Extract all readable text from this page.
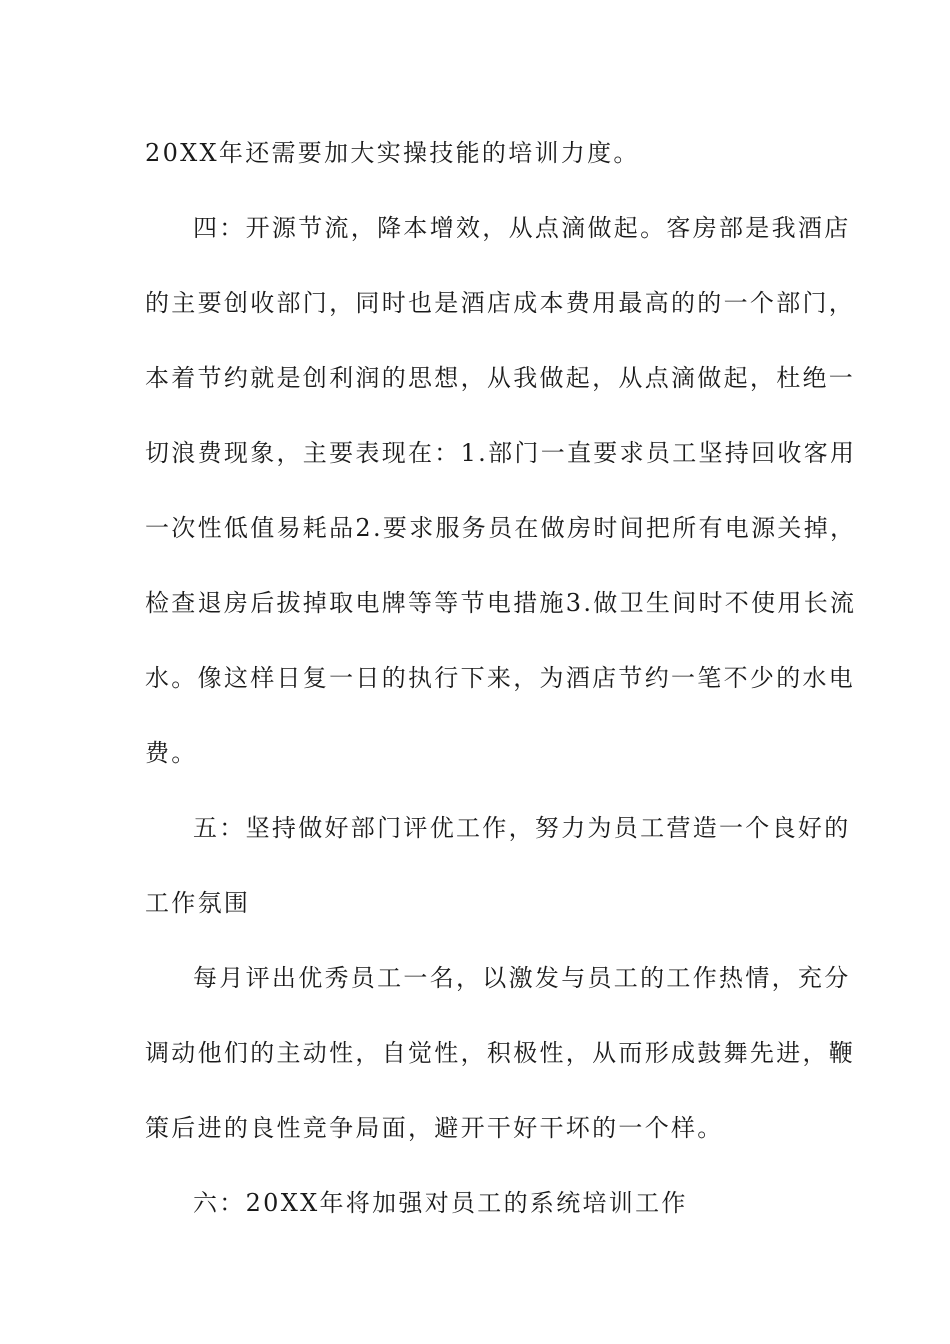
20XX年还需要加大实操技能的培训力度。
四：开源节流，降本增效，从点滴做起。客房部是我酒店
的主要创收部门，同时也是酒店成本费用最高的的一个部门，
本着节约就是创利润的思想，从我做起，从点滴做起，杜绝一
切浪费现象，主要表现在：1.部门一直要求员工坚持回收客用
一次性低值易耗品2.要求服务员在做房时间把所有电源关掉，
检查退房后拔掉取电牌等等节电措施3.做卫生间时不使用长流
水。像这样日复一日的执行下来，为酒店节约一笔不少的水电
费。
五：坚持做好部门评优工作，努力为员工营造一个良好的
工作氛围
每月评出优秀员工一名，以激发与员工的工作热情，充分
调动他们的主动性，自觉性，积极性，从而形成鼓舞先进，鞭
策后进的良性竞争局面，避开干好干坏的一个样。
六：20XX年将加强对员工的系统培训工作
